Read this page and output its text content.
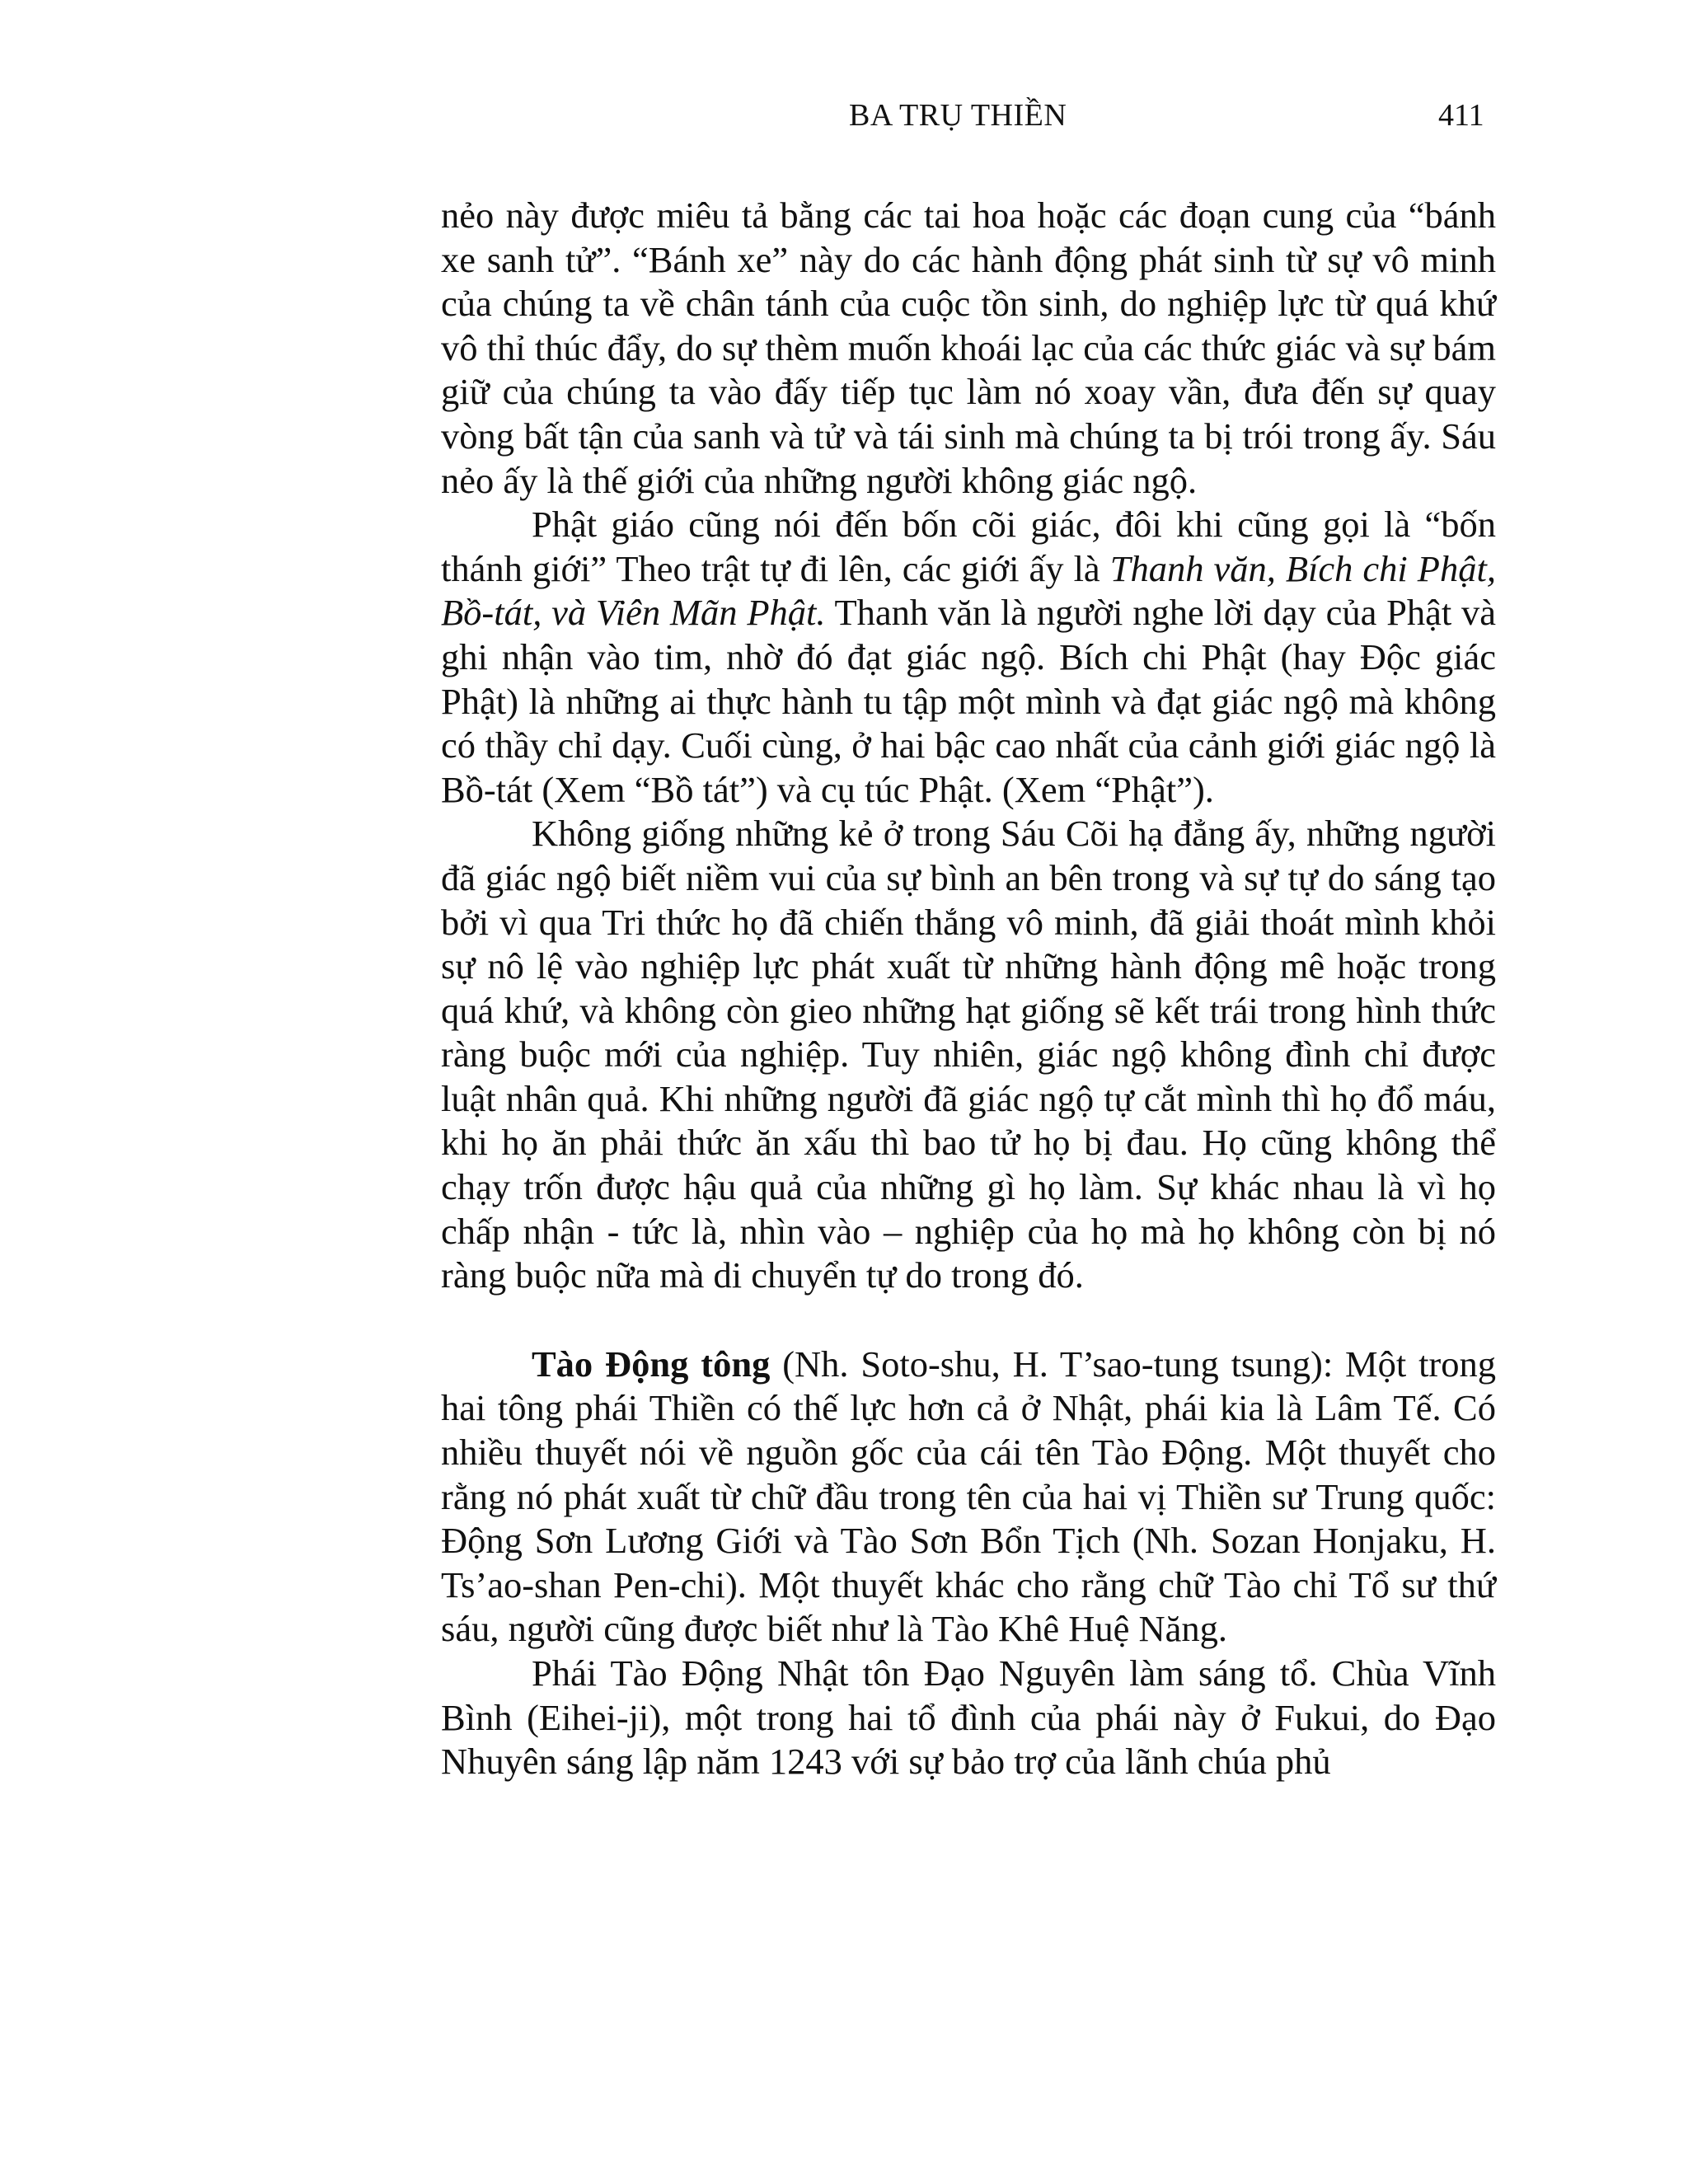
BA TRỤ THIỀN	411

nẻo này được miêu tả bằng các tai hoa hoặc các đoạn cung của “bánh xe sanh tử”. “Bánh xe” này do các hành động phát sinh từ sự vô minh của chúng ta về chân tánh của cuộc tồn sinh, do nghiệp lực từ quá khứ vô thỉ thúc đẩy, do sự thèm muốn khoái lạc của các thức giác và sự bám giữ của chúng ta vào đấy tiếp tục làm nó xoay vần, đưa đến sự quay vòng bất tận của sanh và tử và tái sinh mà chúng ta bị trói trong ấy. Sáu nẻo ấy là thế giới của những người không giác ngộ.

Phật giáo cũng nói đến bốn cõi giác, đôi khi cũng gọi là “bốn thánh giới” Theo trật tự đi lên, các giới ấy là Thanh văn, Bích chi Phật, Bồ-tát, và Viên Mãn Phật. Thanh văn là người nghe lời dạy của Phật và ghi nhận vào tim, nhờ đó đạt giác ngộ. Bích chi Phật (hay Độc giác Phật) là những ai thực hành tu tập một mình và đạt giác ngộ mà không có thầy chỉ dạy. Cuối cùng, ở hai bậc cao nhất của cảnh giới giác ngộ là Bồ-tát (Xem “Bồ tát”) và cụ túc Phật. (Xem “Phật”).

Không giống những kẻ ở trong Sáu Cõi hạ đẳng ấy, những người đã giác ngộ biết niềm vui của sự bình an bên trong và sự tự do sáng tạo bởi vì qua Tri thức họ đã chiến thắng vô minh, đã giải thoát mình khỏi sự nô lệ vào nghiệp lực phát xuất từ những hành động mê hoặc trong quá khứ, và không còn gieo những hạt giống sẽ kết trái trong hình thức ràng buộc mới của nghiệp. Tuy nhiên, giác ngộ không đình chỉ được luật nhân quả. Khi những người đã giác ngộ tự cắt mình thì họ đổ máu, khi họ ăn phải thức ăn xấu thì bao tử họ bị đau. Họ cũng không thể chạy trốn được hậu quả của những gì họ làm. Sự khác nhau là vì họ chấp nhận - tức là, nhìn vào – nghiệp của họ mà họ không còn bị nó ràng buộc nữa mà di chuyển tự do trong đó.

Tào Động tông (Nh. Soto-shu, H. T’sao-tung tsung): Một trong hai tông phái Thiền có thế lực hơn cả ở Nhật, phái kia là Lâm Tế. Có nhiều thuyết nói về nguồn gốc của cái tên Tào Động. Một thuyết cho rằng nó phát xuất từ chữ đầu trong tên của hai vị Thiền sư Trung quốc: Động Sơn Lương Giới và Tào Sơn Bổn Tịch (Nh. Sozan Honjaku, H. Ts’ao-shan Pen-chi). Một thuyết khác cho rằng chữ Tào chỉ Tổ sư thứ sáu, người cũng được biết như là Tào Khê Huệ Năng.

Phái Tào Động Nhật tôn Đạo Nguyên làm sáng tổ. Chùa Vĩnh Bình (Eihei-ji), một trong hai tổ đình của phái này ở Fukui, do Đạo Nhuyên sáng lập năm 1243 với sự bảo trợ của lãnh chúa phủ
